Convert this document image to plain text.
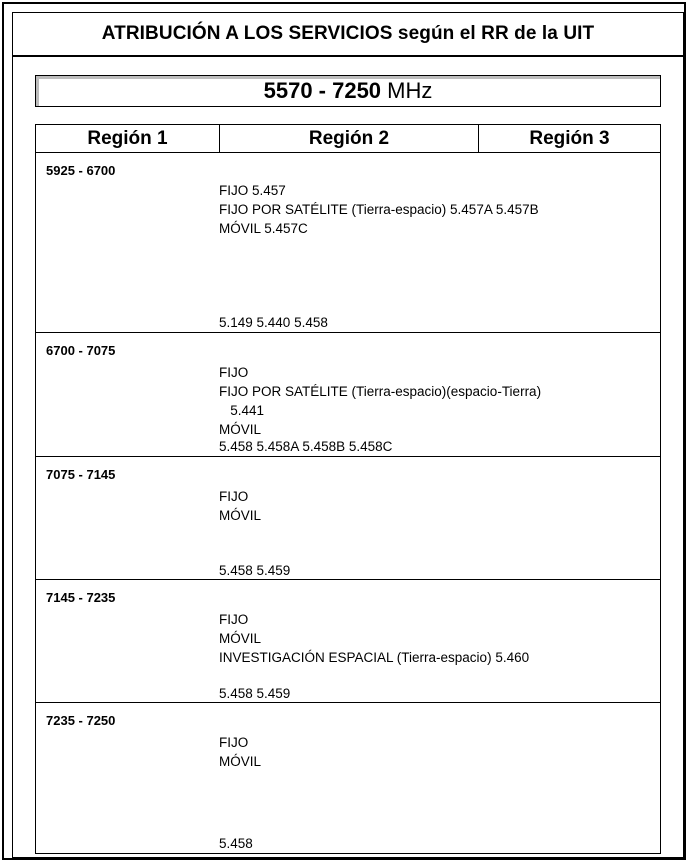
ATRIBUCIÓN A LOS SERVICIOS según el RR de la UIT
5570 - 7250 MHz
Región 1	Región 2	Región 3
5925 - 6700
FIJO 5.457
FIJO POR SATÉLITE (Tierra-espacio) 5.457A 5.457B
MÓVIL 5.457C
5.149 5.440 5.458
6700 - 7075
FIJO
FIJO POR SATÉLITE (Tierra-espacio)(espacio-Tierra)
5.441
MÓVIL
5.458 5.458A 5.458B 5.458C
7075 - 7145
FIJO
MÓVIL
5.458 5.459
7145 - 7235
FIJO
MÓVIL
INVESTIGACIÓN ESPACIAL (Tierra-espacio) 5.460
5.458 5.459
7235 - 7250
FIJO
MÓVIL
5.458
